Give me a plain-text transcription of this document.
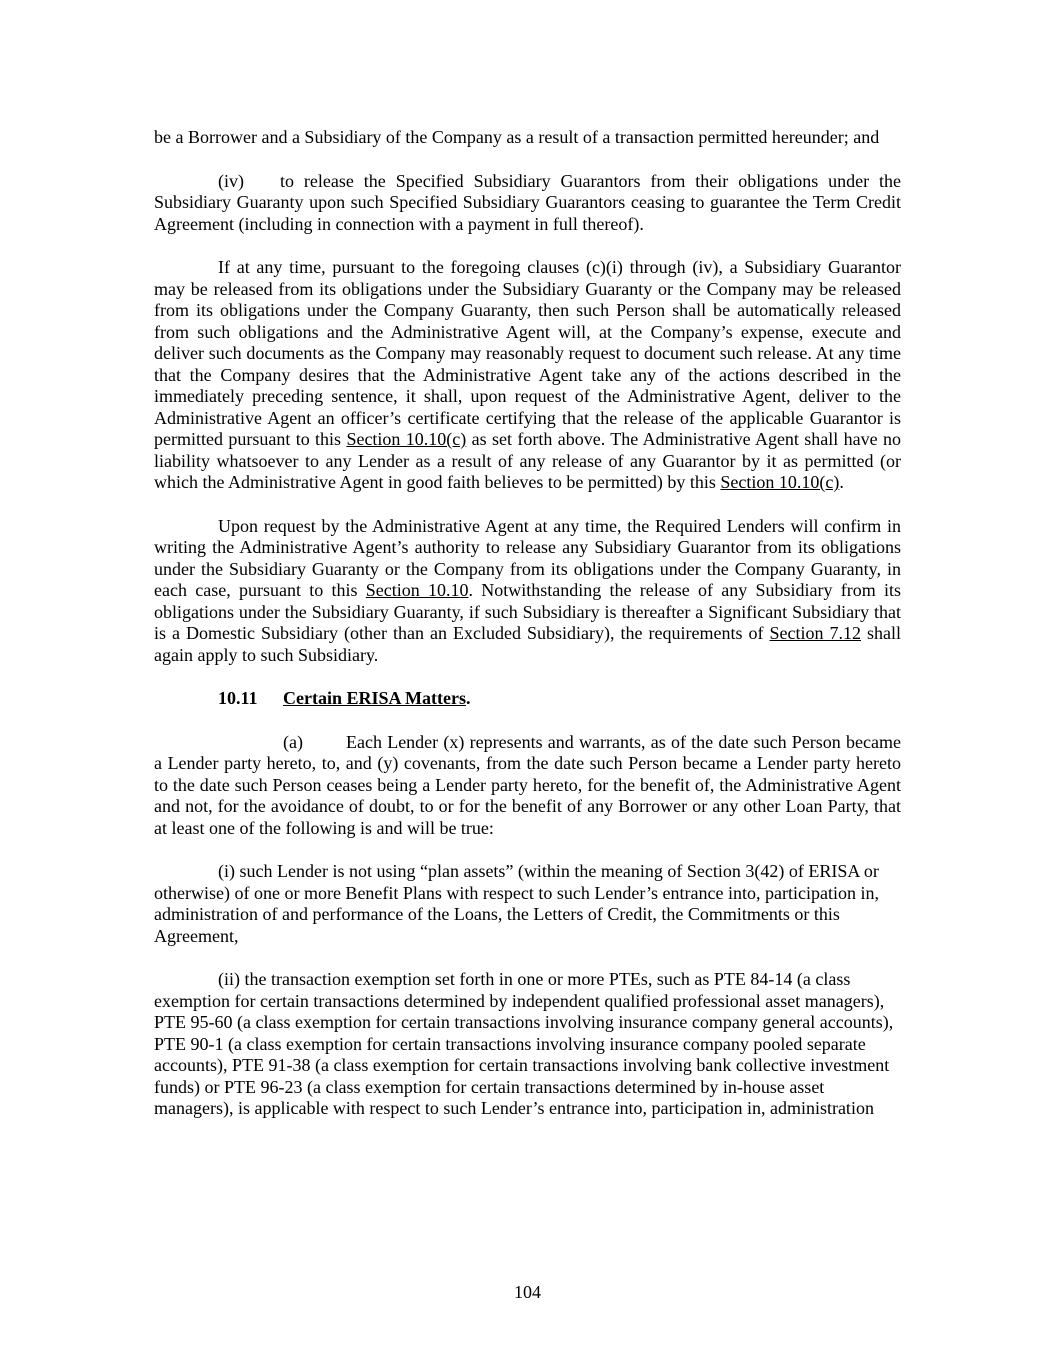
be a Borrower and a Subsidiary of the Company as a result of a transaction permitted hereunder; and

(iv) to release the Specified Subsidiary Guarantors from their obligations under the Subsidiary Guaranty upon such Specified Subsidiary Guarantors ceasing to guarantee the Term Credit Agreement (including in connection with a payment in full thereof).

If at any time, pursuant to the foregoing clauses (c)(i) through (iv), a Subsidiary Guarantor may be released from its obligations under the Subsidiary Guaranty or the Company may be released from its obligations under the Company Guaranty, then such Person shall be automatically released from such obligations and the Administrative Agent will, at the Company’s expense, execute and deliver such documents as the Company may reasonably request to document such release. At any time that the Company desires that the Administrative Agent take any of the actions described in the immediately preceding sentence, it shall, upon request of the Administrative Agent, deliver to the Administrative Agent an officer’s certificate certifying that the release of the applicable Guarantor is permitted pursuant to this Section 10.10(c) as set forth above. The Administrative Agent shall have no liability whatsoever to any Lender as a result of any release of any Guarantor by it as permitted (or which the Administrative Agent in good faith believes to be permitted) by this Section 10.10(c).

Upon request by the Administrative Agent at any time, the Required Lenders will confirm in writing the Administrative Agent’s authority to release any Subsidiary Guarantor from its obligations under the Subsidiary Guaranty or the Company from its obligations under the Company Guaranty, in each case, pursuant to this Section 10.10. Notwithstanding the release of any Subsidiary from its obligations under the Subsidiary Guaranty, if such Subsidiary is thereafter a Significant Subsidiary that is a Domestic Subsidiary (other than an Excluded Subsidiary), the requirements of Section 7.12 shall again apply to such Subsidiary.

10.11 Certain ERISA Matters.

(a) Each Lender (x) represents and warrants, as of the date such Person became a Lender party hereto, to, and (y) covenants, from the date such Person became a Lender party hereto to the date such Person ceases being a Lender party hereto, for the benefit of, the Administrative Agent and not, for the avoidance of doubt, to or for the benefit of any Borrower or any other Loan Party, that at least one of the following is and will be true:

(i) such Lender is not using “plan assets” (within the meaning of Section 3(42) of ERISA or otherwise) of one or more Benefit Plans with respect to such Lender’s entrance into, participation in, administration of and performance of the Loans, the Letters of Credit, the Commitments or this Agreement,

(ii) the transaction exemption set forth in one or more PTEs, such as PTE 84-14 (a class exemption for certain transactions determined by independent qualified professional asset managers), PTE 95-60 (a class exemption for certain transactions involving insurance company general accounts), PTE 90-1 (a class exemption for certain transactions involving insurance company pooled separate accounts), PTE 91-38 (a class exemption for certain transactions involving bank collective investment funds) or PTE 96-23 (a class exemption for certain transactions determined by in-house asset managers), is applicable with respect to such Lender’s entrance into, participation in, administration

104
